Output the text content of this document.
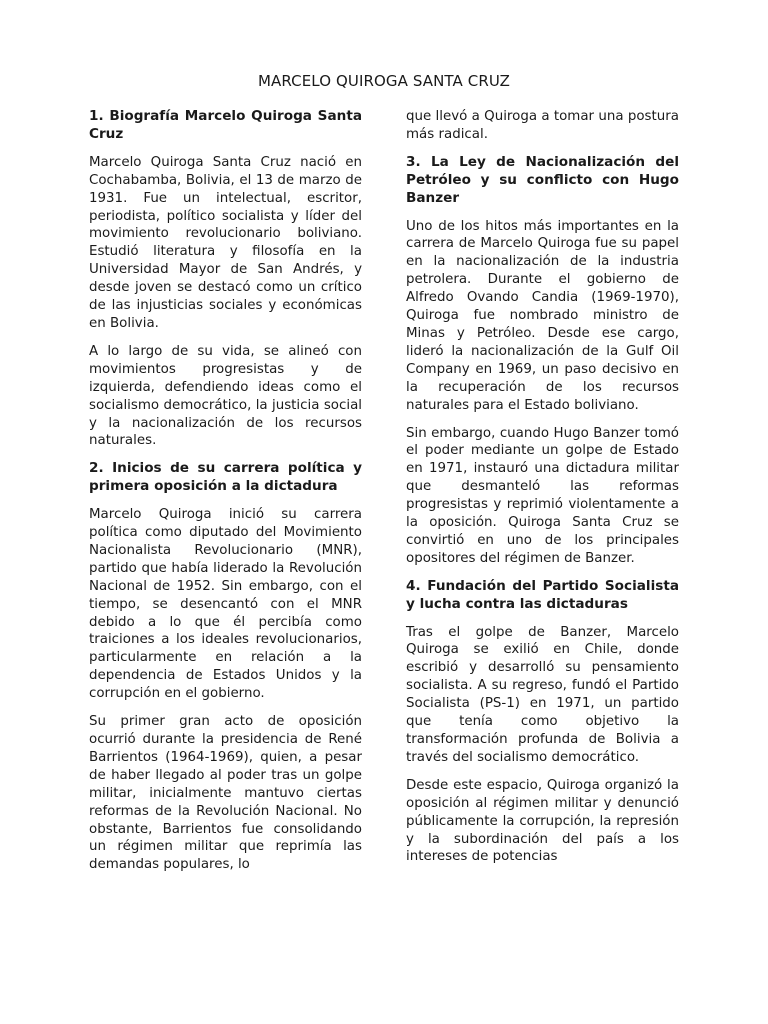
MARCELO QUIROGA SANTA CRUZ
1. Biografía Marcelo Quiroga Santa Cruz

Marcelo Quiroga Santa Cruz nació en Cochabamba, Bolivia, el 13 de marzo de 1931. Fue un intelectual, escritor, periodista, político socialista y líder del movimiento revolucionario boliviano. Estudió literatura y filosofía en la Universidad Mayor de San Andrés, y desde joven se destacó como un crítico de las injusticias sociales y económicas en Bolivia.

A lo largo de su vida, se alineó con movimientos progresistas y de izquierda, defendiendo ideas como el socialismo democrático, la justicia social y la nacionalización de los recursos naturales.

2. Inicios de su carrera política y primera oposición a la dictadura

Marcelo Quiroga inició su carrera política como diputado del Movimiento Nacionalista Revolucionario (MNR), partido que había liderado la Revolución Nacional de 1952. Sin embargo, con el tiempo, se desencantó con el MNR debido a lo que él percibía como traiciones a los ideales revolucionarios, particularmente en relación a la dependencia de Estados Unidos y la corrupción en el gobierno.

Su primer gran acto de oposición ocurrió durante la presidencia de René Barrientos (1964-1969), quien, a pesar de haber llegado al poder tras un golpe militar, inicialmente mantuvo ciertas reformas de la Revolución Nacional. No obstante, Barrientos fue consolidando un régimen militar que reprimía las demandas populares, lo

que llevó a Quiroga a tomar una postura más radical.

3. La Ley de Nacionalización del Petróleo y su conflicto con Hugo Banzer

Uno de los hitos más importantes en la carrera de Marcelo Quiroga fue su papel en la nacionalización de la industria petrolera. Durante el gobierno de Alfredo Ovando Candia (1969-1970), Quiroga fue nombrado ministro de Minas y Petróleo. Desde ese cargo, lideró la nacionalización de la Gulf Oil Company en 1969, un paso decisivo en la recuperación de los recursos naturales para el Estado boliviano.

Sin embargo, cuando Hugo Banzer tomó el poder mediante un golpe de Estado en 1971, instauró una dictadura militar que desmanteló las reformas progresistas y reprimió violentamente a la oposición. Quiroga Santa Cruz se convirtió en uno de los principales opositores del régimen de Banzer.

4. Fundación del Partido Socialista y lucha contra las dictaduras

Tras el golpe de Banzer, Marcelo Quiroga se exilió en Chile, donde escribió y desarrolló su pensamiento socialista. A su regreso, fundó el Partido Socialista (PS-1) en 1971, un partido que tenía como objetivo la transformación profunda de Bolivia a través del socialismo democrático.

Desde este espacio, Quiroga organizó la oposición al régimen militar y denunció públicamente la corrupción, la represión y la subordinación del país a los intereses de potencias
